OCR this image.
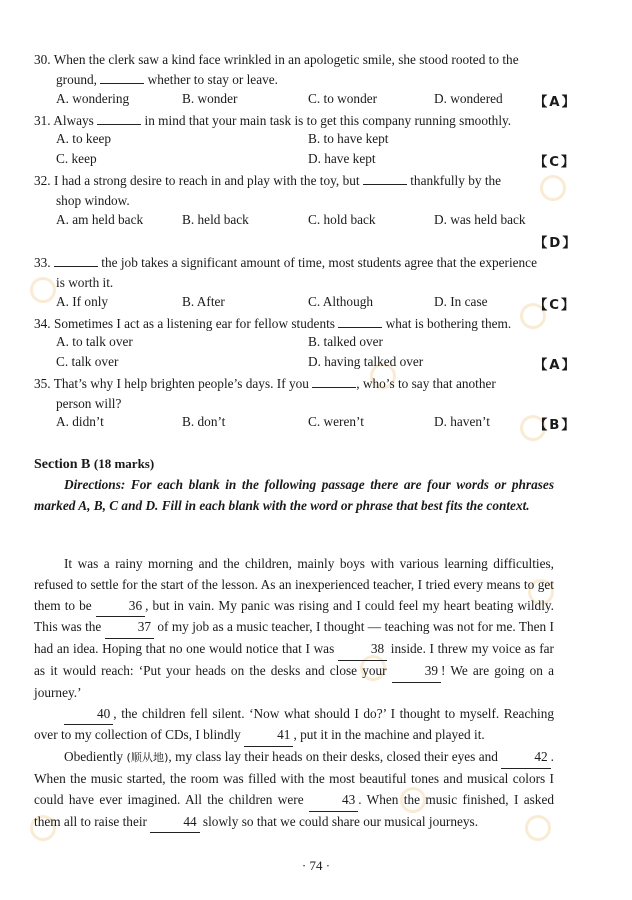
30. When the clerk saw a kind face wrinkled in an apologetic smile, she stood rooted to the
ground,	whether to stay or leave.
A. wondering	B. wonder	C. to wonder	D. wondered 【A】
31. Always	in mind that your main task is to get this company running smoothly.
A. to keep	B. to have kept
C. keep	D. have kept	【C】
32. I had a strong desire to reach in and play with the toy, but	thankfully by the
shop window.
A. am held back	B. held back	C. hold back	D. was held back
【D】
33.	the job takes a significant amount of time, most students agree that the experience
is worth it.
A. If only	B. After	C. Although	D. In case	【C】
34. Sometimes I act as a listening ear for fellow students	what is bothering them.
A. to talk over	B. talked over
C. talk over	D. having talked over	【A】
35. That’s why I help brighten people’s days. If you	, who’s to say that another
person will?
A. didn’t	B. don’t	C. weren’t	D. haven’t	【B】
Section B (18 marks)
Directions: For each blank in the following passage there are four words or phrases marked A, B, C and D. Fill in each blank with the word or phrase that best fits the context.

It was a rainy morning and the children, mainly boys with various learning difficulties, refused to settle for the start of the lesson. As an inexperienced teacher, I tried every means to get them to be 36 , but in vain. My panic was rising and I could feel my heart beating wildly. This was the 37 of my job as a music teacher, I thought — teaching was not for me. Then I had an idea. Hoping that no one would notice that I was 38 inside. I threw my voice as far as it would reach: ‘Put your heads on the desks and close your 39 ! We are going on a journey.’

40 , the children fell silent. ‘Now what should I do?’ I thought to myself. Reaching over to my collection of CDs, I blindly 41 , put it in the machine and played it.

Obediently (顺从地), my class lay their heads on their desks, closed their eyes and 42 . When the music started, the room was filled with the most beautiful tones and musical colors I could have ever imagined. All the children were 43 . When the music finished, I asked them all to raise their 44 slowly so that we could share our musical journeys.

· 74 ·
